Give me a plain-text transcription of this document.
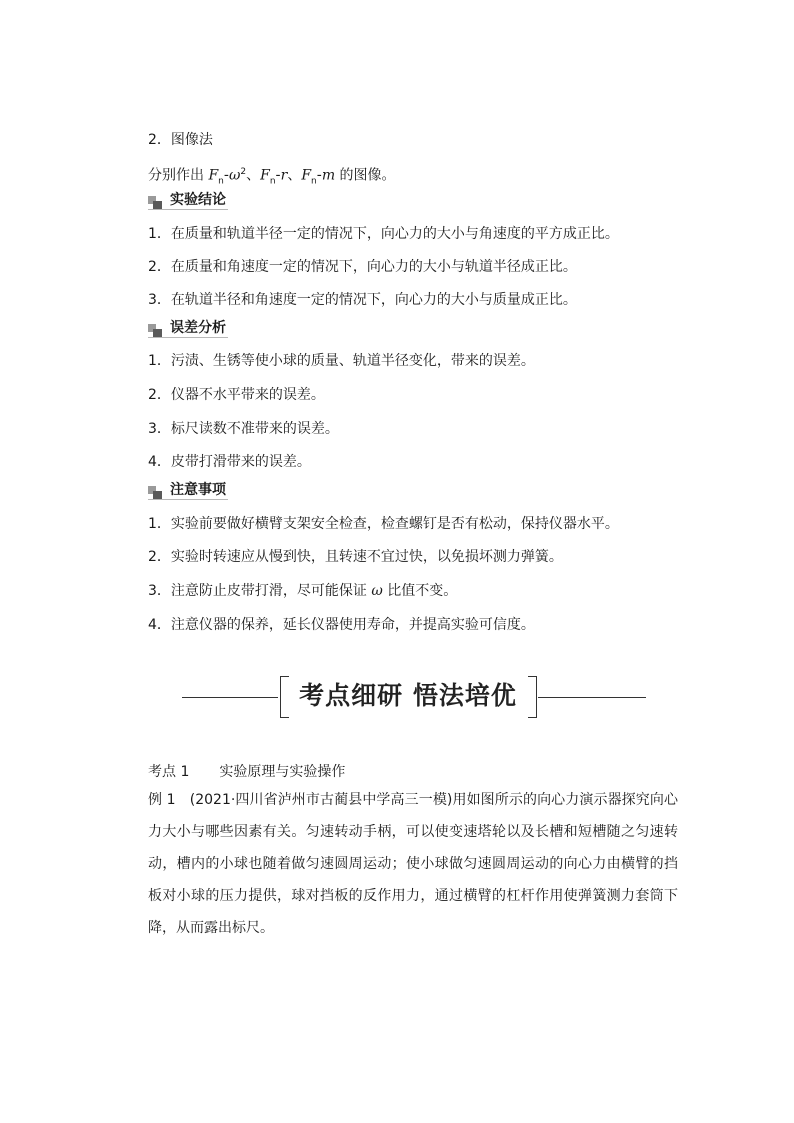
2．图像法
分别作出 $F_n-\omega^2$、$F_n-r$、$F_n-m$ 的图像。
实验结论
1．在质量和轨道半径一定的情况下，向心力的大小与角速度的平方成正比。
2．在质量和角速度一定的情况下，向心力的大小与轨道半径成正比。
3．在轨道半径和角速度一定的情况下，向心力的大小与质量成正比。
误差分析
1．污渍、生锈等使小球的质量、轨道半径变化，带来的误差。
2．仪器不水平带来的误差。
3．标尺读数不准带来的误差。
4．皮带打滑带来的误差。
注意事项
1．实验前要做好横臂支架安全检查，检查螺钉是否有松动，保持仪器水平。
2．实验时转速应从慢到快，且转速不宜过快，以免损坏测力弹簧。
3．注意防止皮带打滑，尽可能保证 ω 比值不变。
4．注意仪器的保养，延长仪器使用寿命，并提高实验可信度。
考点细研 悟法培优
考点 1 实验原理与实验操作
例 1　 (2021·四川省泸州市古蔺县中学高三一模)用如图所示的向心力演示器探究向心力大小与哪些因素有关。匀速转动手柄，可以使变速塔轮以及长槽和短槽随之匀速转动，槽内的小球也随着做匀速圆周运动；使小球做匀速圆周运动的向心力由横臂的挡板对小球的压力提供，球对挡板的反作用力，通过横臂的杠杆作用使弹簧测力套筒下降，从而露出标尺。
